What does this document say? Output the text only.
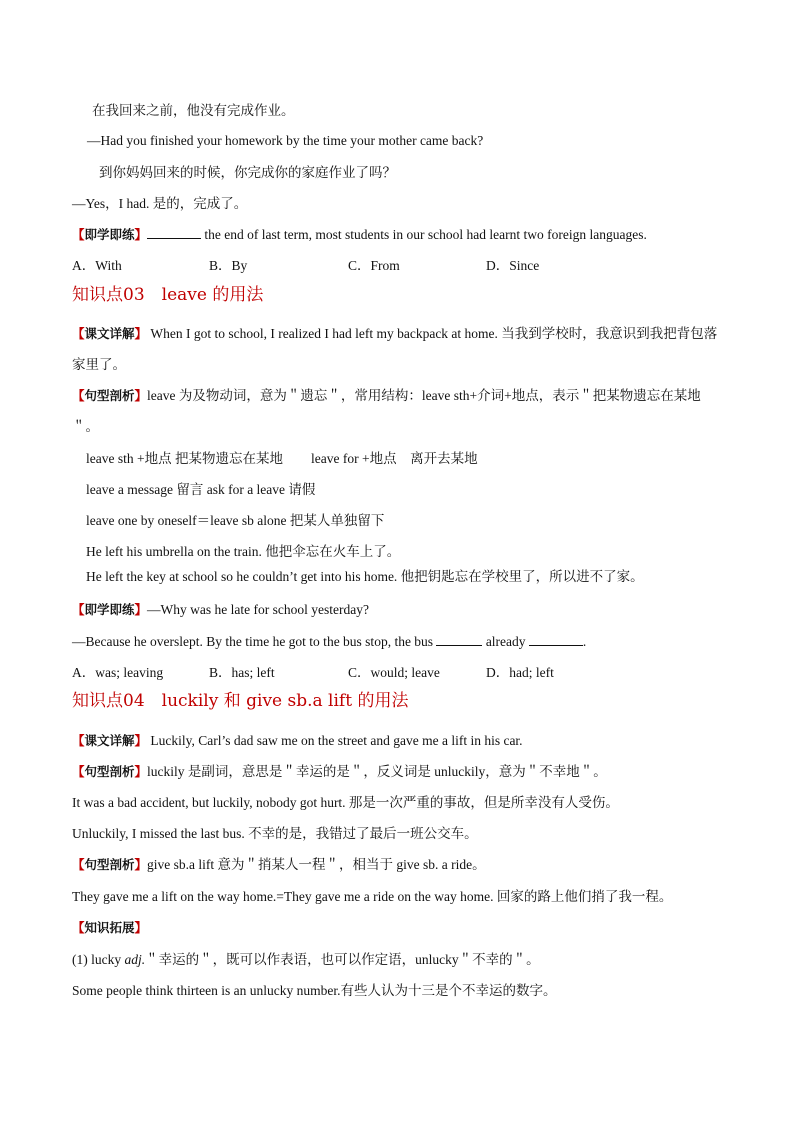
在我回来之前，他没有完成作业。
—Had you finished your homework by the time your mother came back?
到你妈妈回来的时候，你完成你的家庭作业了吗？
—Yes，I had. 是的，完成了。
【即学即练】	the end of last term, most students in our school had learnt two foreign languages.
A．With	B．By	C．From	D．Since
知识点03　leave 的用法
【课文详解】 When I got to school, I realized I had left my backpack at home. 当我到学校时，我意识到我把背包落家里了。
【句型剖析】leave 为及物动词，意为＂遗忘＂，常用结构：leave sth+介词+地点，表示＂把某物遗忘在某地＂。
leave sth +地点 把某物遗忘在某地 leave for +地点　离开去某地
leave a message 留言 ask for a leave 请假
leave one by oneself＝leave sb alone 把某人单独留下
He left his umbrella on the train. 他把伞忘在火车上了。
He left the key at school so he couldn’t get into his home. 他把钥匙忘在学校里了，所以进不了家。
【即学即练】—Why was he late for school yesterday?
—Because he overslept. By the time he got to the bus stop, the bus	already	.
A．was; leaving	B．has; left	C．would; leave	D．had; left
知识点04　luckily 和 give sb.a lift 的用法
【课文详解】 Luckily, Carl’s dad saw me on the street and gave me a lift in his car.
【句型剖析】luckily 是副词，意思是＂幸运的是＂，反义词是 unluckily，意为＂不幸地＂。
It was a bad accident, but luckily, nobody got hurt. 那是一次严重的事故，但是所幸没有人受伤。
Unluckily, I missed the last bus. 不幸的是，我错过了最后一班公交车。
【句型剖析】give sb.a lift 意为＂捎某人一程＂，相当于 give sb. a ride。
They gave me a lift on the way home.=They gave me a ride on the way home. 回家的路上他们捎了我一程。
【知识拓展】
(1) lucky adj.＂幸运的＂，既可以作表语，也可以作定语，unlucky＂不幸的＂。
Some people think thirteen is an unlucky number.有些人认为十三是个不幸运的数字。
